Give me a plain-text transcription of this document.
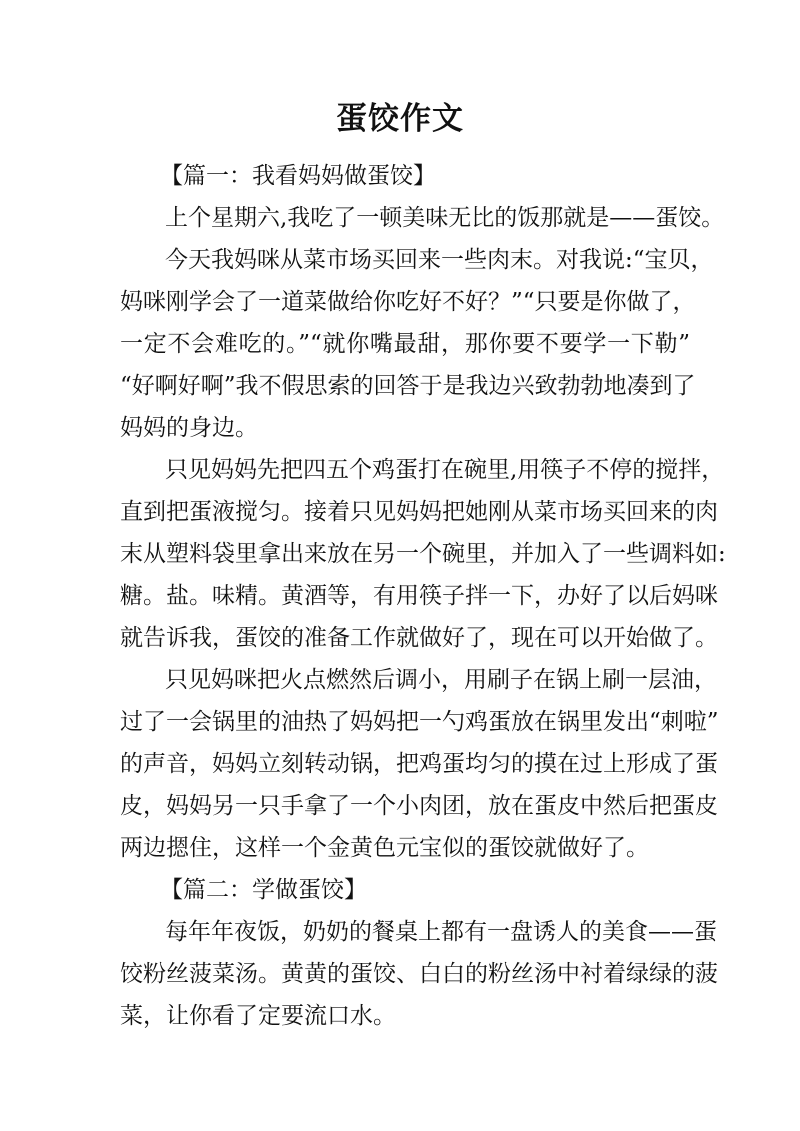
蛋饺作文
【篇一：我看妈妈做蛋饺】
上个星期六,我吃了一顿美味无比的饭那就是——蛋饺。
今天我妈咪从菜市场买回来一些肉末。对我说:“宝贝，
妈咪刚学会了一道菜做给你吃好不好？”“只要是你做了，
一定不会难吃的。”“就你嘴最甜，那你要不要学一下勒”
“好啊好啊”我不假思索的回答于是我边兴致勃勃地凑到了
妈妈的身边。
只见妈妈先把四五个鸡蛋打在碗里,用筷子不停的搅拌，
直到把蛋液搅匀。接着只见妈妈把她刚从菜市场买回来的肉
末从塑料袋里拿出来放在另一个碗里，并加入了一些调料如:
糖。盐。味精。黄酒等，有用筷子拌一下，办好了以后妈咪
就告诉我，蛋饺的准备工作就做好了，现在可以开始做了。
只见妈咪把火点燃然后调小，用刷子在锅上刷一层油，
过了一会锅里的油热了妈妈把一勺鸡蛋放在锅里发出“刺啦”
的声音，妈妈立刻转动锅，把鸡蛋均匀的摸在过上形成了蛋
皮，妈妈另一只手拿了一个小肉团，放在蛋皮中然后把蛋皮
两边摁住，这样一个金黄色元宝似的蛋饺就做好了。
【篇二：学做蛋饺】
每年年夜饭，奶奶的餐桌上都有一盘诱人的美食——蛋
饺粉丝菠菜汤。黄黄的蛋饺、白白的粉丝汤中衬着绿绿的菠
菜，让你看了定要流口水。
